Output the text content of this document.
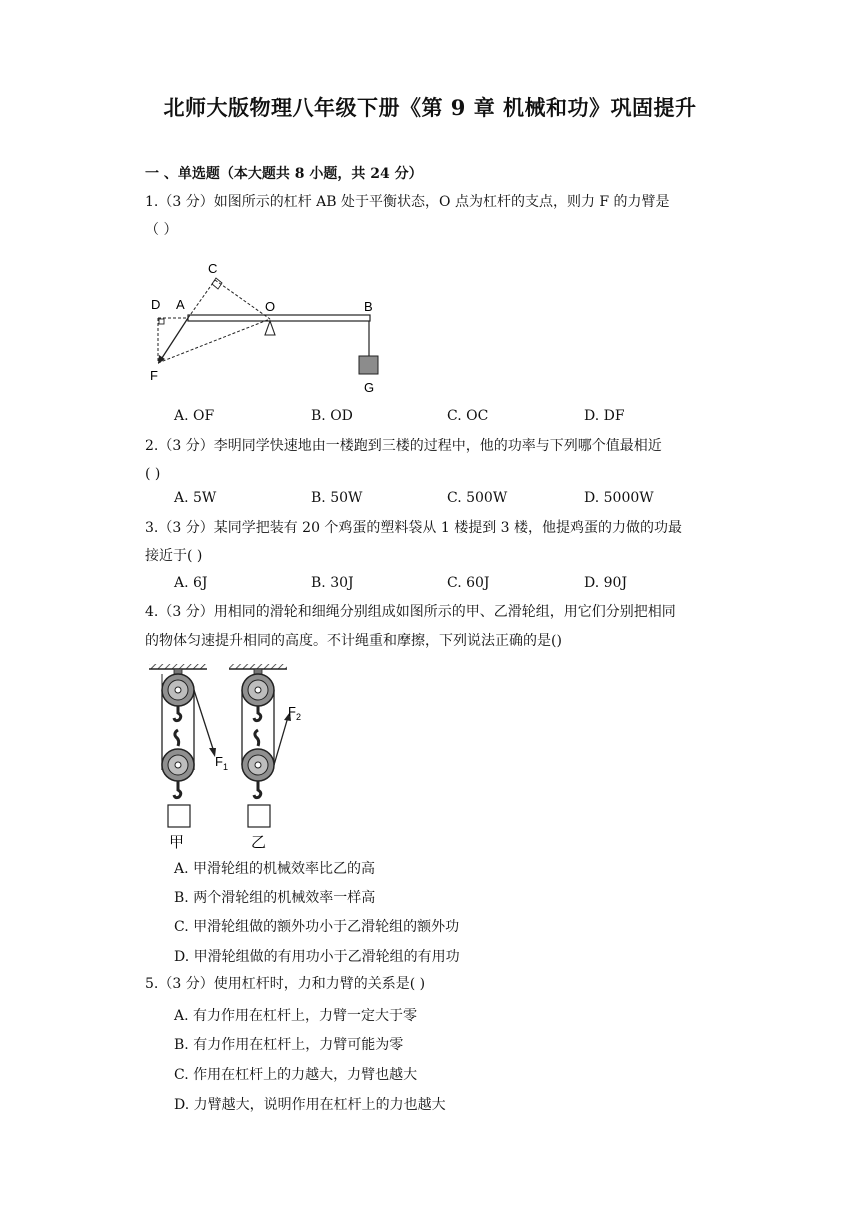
北师大版物理八年级下册《第 9 章 机械和功》巩固提升
一 、单选题（本大题共 8 小题，共 24 分）
1.（3 分）如图所示的杠杆 AB 处于平衡状态，O 点为杠杆的支点，则力 F 的力臂是
（ ）
C
D A	O	B
F
G
A. OF	B. OD	C. OC	D. DF
2.（3 分）李明同学快速地由一楼跑到三楼的过程中，他的功率与下列哪个值最相近
( )
A. 5W	B. 50W	C. 500W	D. 5000W
3.（3 分）某同学把装有 20 个鸡蛋的塑料袋从 1 楼提到 3 楼，他提鸡蛋的力做的功最
接近于( )
A. 6J	B. 30J	C. 60J	D. 90J
4.（3 分）用相同的滑轮和细绳分别组成如图所示的甲、乙滑轮组，用它们分别把相同
的物体匀速提升相同的高度。不计绳重和摩擦，下列说法正确的是()
F 1
甲
F 2
乙
A. 甲滑轮组的机械效率比乙的高
B. 两个滑轮组的机械效率一样高
C. 甲滑轮组做的额外功小于乙滑轮组的额外功
D. 甲滑轮组做的有用功小于乙滑轮组的有用功
5.（3 分）使用杠杆时，力和力臂的关系是( )
A. 有力作用在杠杆上，力臂一定大于零
B. 有力作用在杠杆上，力臂可能为零
C. 作用在杠杆上的力越大，力臂也越大
D. 力臂越大，说明作用在杠杆上的力也越大
